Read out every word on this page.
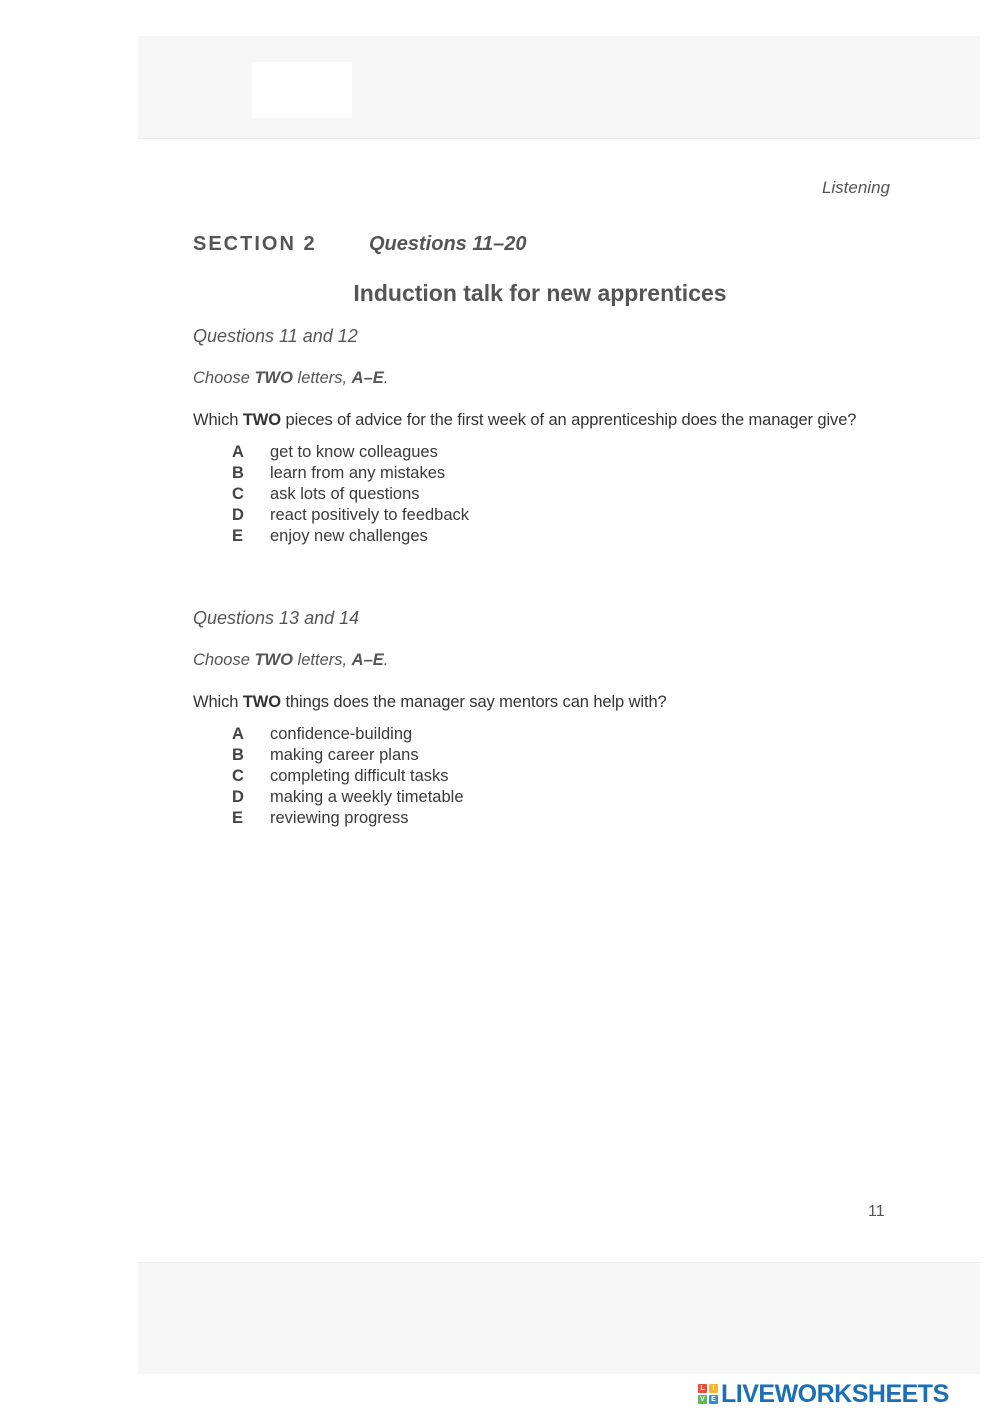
Listening
SECTION 2	Questions 11–20
Induction talk for new apprentices
Questions 11 and 12
Choose TWO letters, A–E.
Which TWO pieces of advice for the first week of an apprenticeship does the manager give?
A	get to know colleagues
B	learn from any mistakes
C	ask lots of questions
D	react positively to feedback
E	enjoy new challenges
Questions 13 and 14
Choose TWO letters, A–E.
Which TWO things does the manager say mentors can help with?
A	confidence-building
B	making career plans
C	completing difficult tasks
D	making a weekly timetable
E	reviewing progress
11
L	I
V E LIVEWORKSHEETS
